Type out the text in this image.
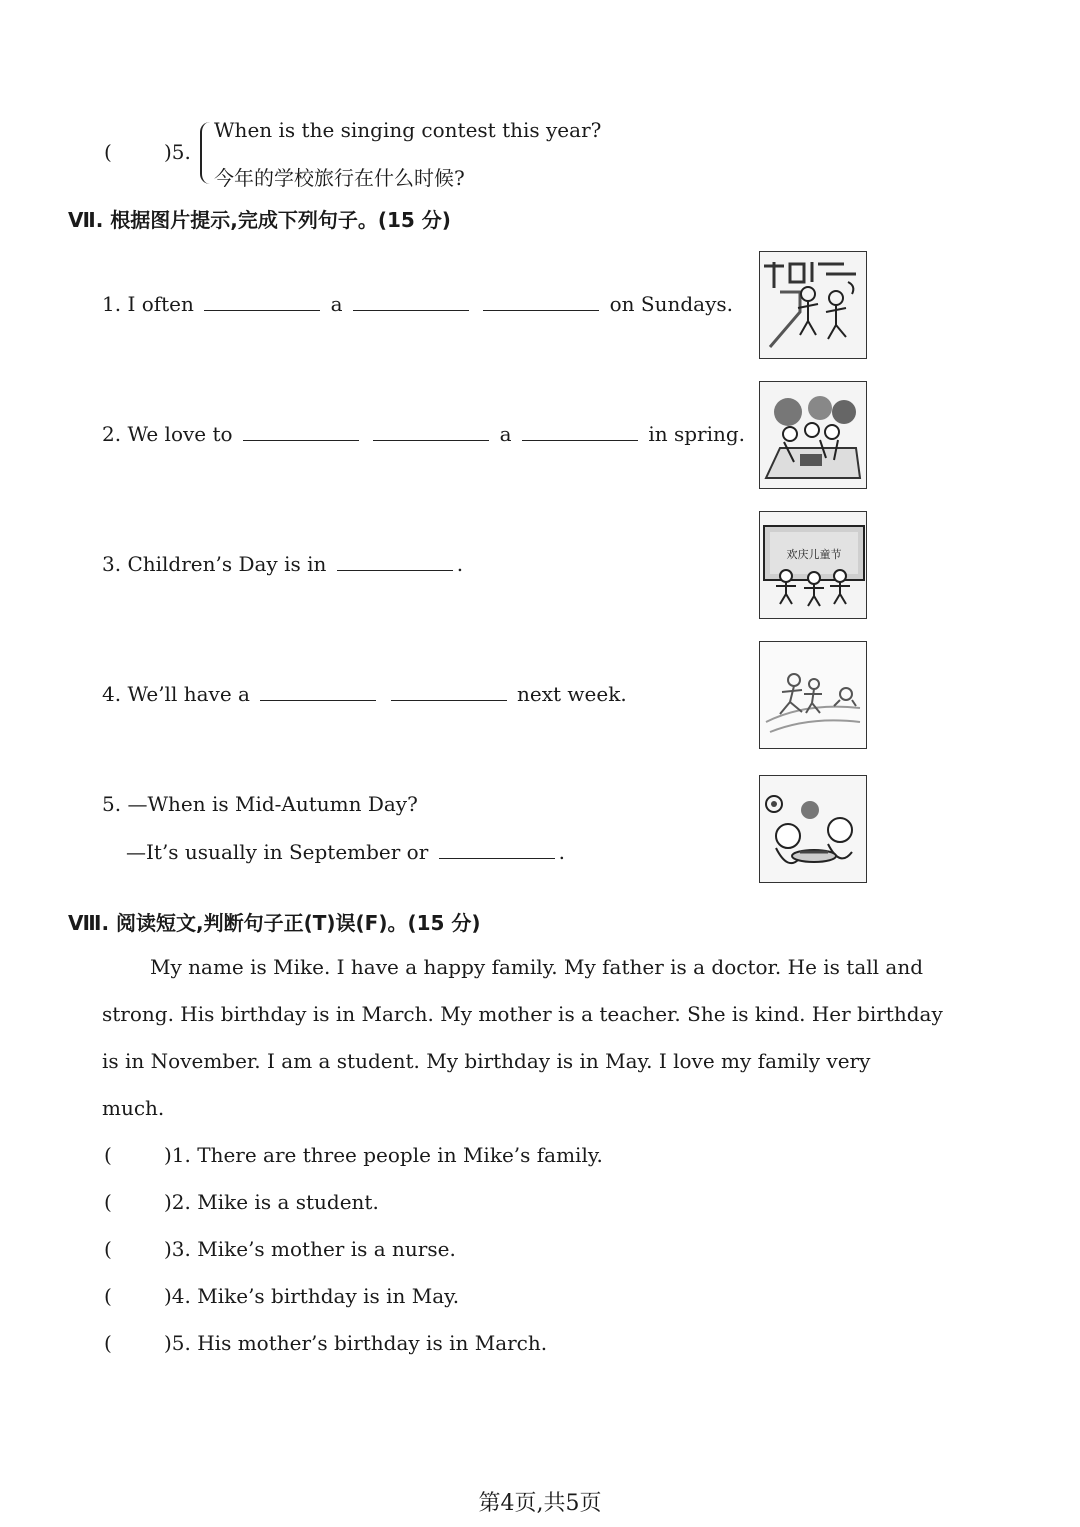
(	)5.
When is the singing contest this year?
今年的学校旅行在什么时候?
Ⅶ. 根据图片提示,完成下列句子。(15 分)
1. I often	a	on Sundays.
2. We love to	a	in spring.
3. Children’s Day is in	.	欢庆儿童节
4. We’ll have a	next week.
5. —When is Mid-Autumn Day?
—It’s usually in September or	.
Ⅷ. 阅读短文,判断句子正(T)误(F)。(15 分)
My name is Mike. I have a happy family. My father is a doctor. He is tall and
strong. His birthday is in March. My mother is a teacher. She is kind. Her birthday
is in November. I am a student. My birthday is in May. I love my family very
much.
(	)1. There are three people in Mike’s family.
(	)2. Mike is a student.
(	)3. Mike’s mother is a nurse.
(	)4. Mike’s birthday is in May.
(	)5. His mother’s birthday is in March.
第4页,共5页
